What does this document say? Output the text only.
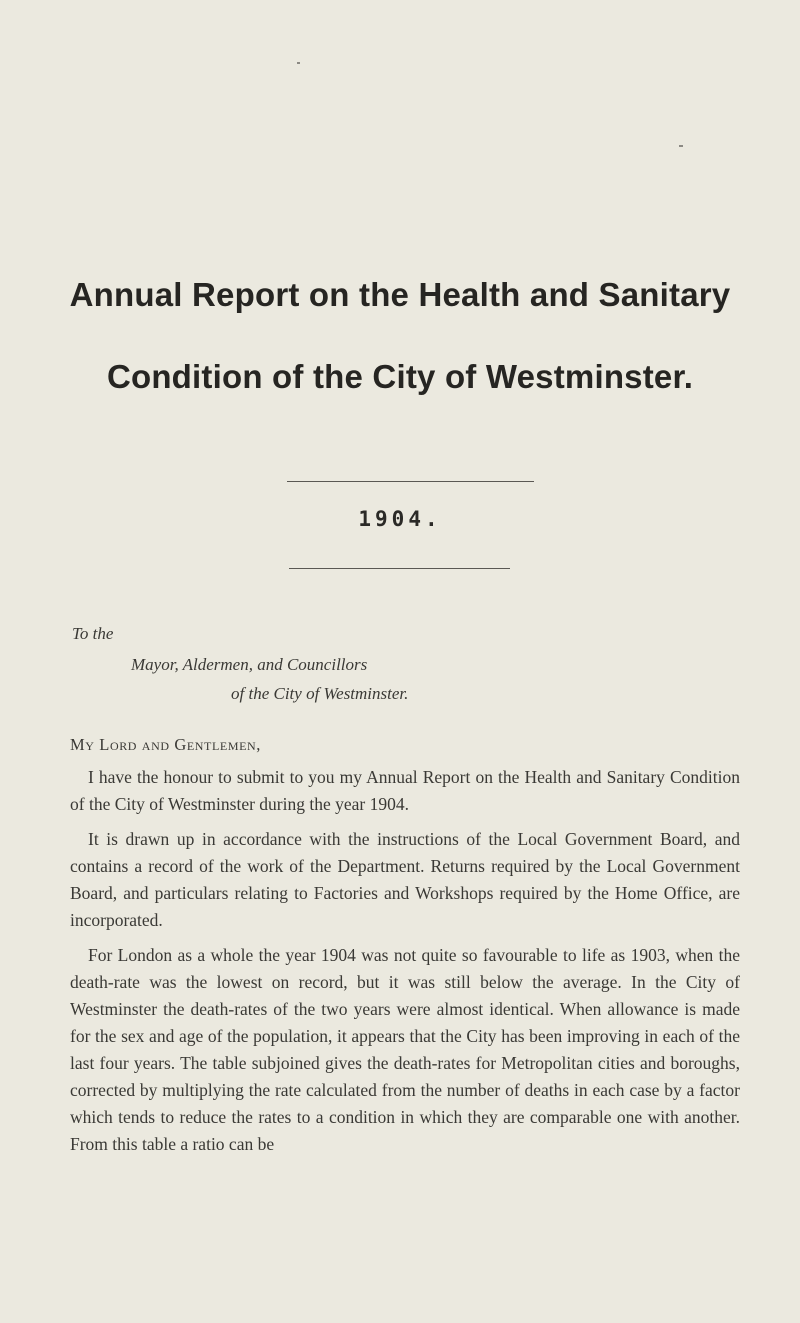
Annual Report on the Health and Sanitary
Condition of the City of Westminster.
1904.
To the
Mayor, Aldermen, and Councillors
of the City of Westminster.
My Lord and Gentlemen,

I have the honour to submit to you my Annual Report on the Health and Sanitary Condition of the City of Westminster during the year 1904.

It is drawn up in accordance with the instructions of the Local Government Board, and contains a record of the work of the Department. Returns required by the Local Government Board, and particulars relating to Factories and Workshops required by the Home Office, are incorporated.

For London as a whole the year 1904 was not quite so favourable to life as 1903, when the death-rate was the lowest on record, but it was still below the average. In the City of Westminster the death-rates of the two years were almost identical. When allowance is made for the sex and age of the population, it appears that the City has been improving in each of the last four years. The table subjoined gives the death-rates for Metropolitan cities and boroughs, corrected by multiplying the rate calculated from the number of deaths in each case by a factor which tends to reduce the rates to a condition in which they are comparable one with another. From this table a ratio can be
